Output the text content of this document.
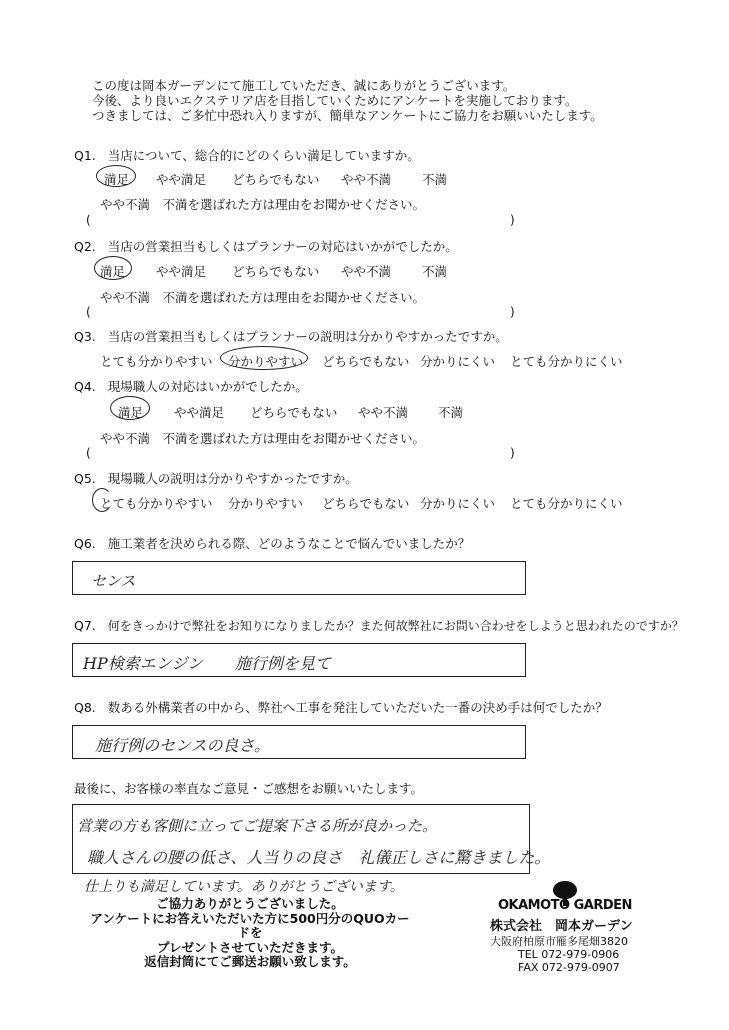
この度は岡本ガーデンにて施工していただき、誠にありがとうございます。
今後、より良いエクステリア店を目指していくためにアンケートを実施しております。
つきましては、ご多忙中恐れ入りますが、簡単なアンケートにご協力をお願いいたします。
Q1. 当店について、総合的にどのくらい満足していますか。
満足 やや満足 どちらでもない やや不満 不満
やや不満　不満を選ばれた方は理由をお聞かせください。
(	)
Q2. 当店の営業担当もしくはプランナーの対応はいかがでしたか。
満足 やや満足 どちらでもない やや不満 不満
やや不満　不満を選ばれた方は理由をお聞かせください。
(	)
Q3. 当店の営業担当もしくはプランナーの説明は分かりやすかったですか。
とても分かりやすい 分かりやすい どちらでもない 分かりにくい とても分かりにくい
Q4. 現場職人の対応はいかがでしたか。
満足 やや満足 どちらでもない やや不満 不満
やや不満　不満を選ばれた方は理由をお聞かせください。
(	)
Q5. 現場職人の説明は分かりやすかったですか。
とても分かりやすい 分かりやすい どちらでもない 分かりにくい とても分かりにくい
Q6. 施工業者を決められる際、どのようなことで悩んでいましたか？
センス
Q7. 何をきっかけで弊社をお知りになりましたか？また何故弊社にお問い合わせをしようと思われたのですか？
HP検索エンジン　　施行例を見て
Q8. 数ある外構業者の中から、弊社へ工事を発注していただいた一番の決め手は何でしたか？
施行例のセンスの良さ。
最後に、お客様の率直なご意見・ご感想をお願いいたします。
営業の方も客側に立ってご提案下さる所が良かった。
職人さんの腰の低さ、人当りの良さ　礼儀正しさに驚きました。
仕上りも満足しています。ありがとうございます。
ご協力ありがとうございました。
アンケートにお答えいただいた方に500円分のQUOカードを
プレゼントさせていただきます。
返信封筒にてご郵送お願い致します。
OKAMOTO GARDEN
株式会社　岡本ガーデン
大阪府柏原市雁多尾畑3820
TEL 072-979-0906
FAX 072-979-0907
